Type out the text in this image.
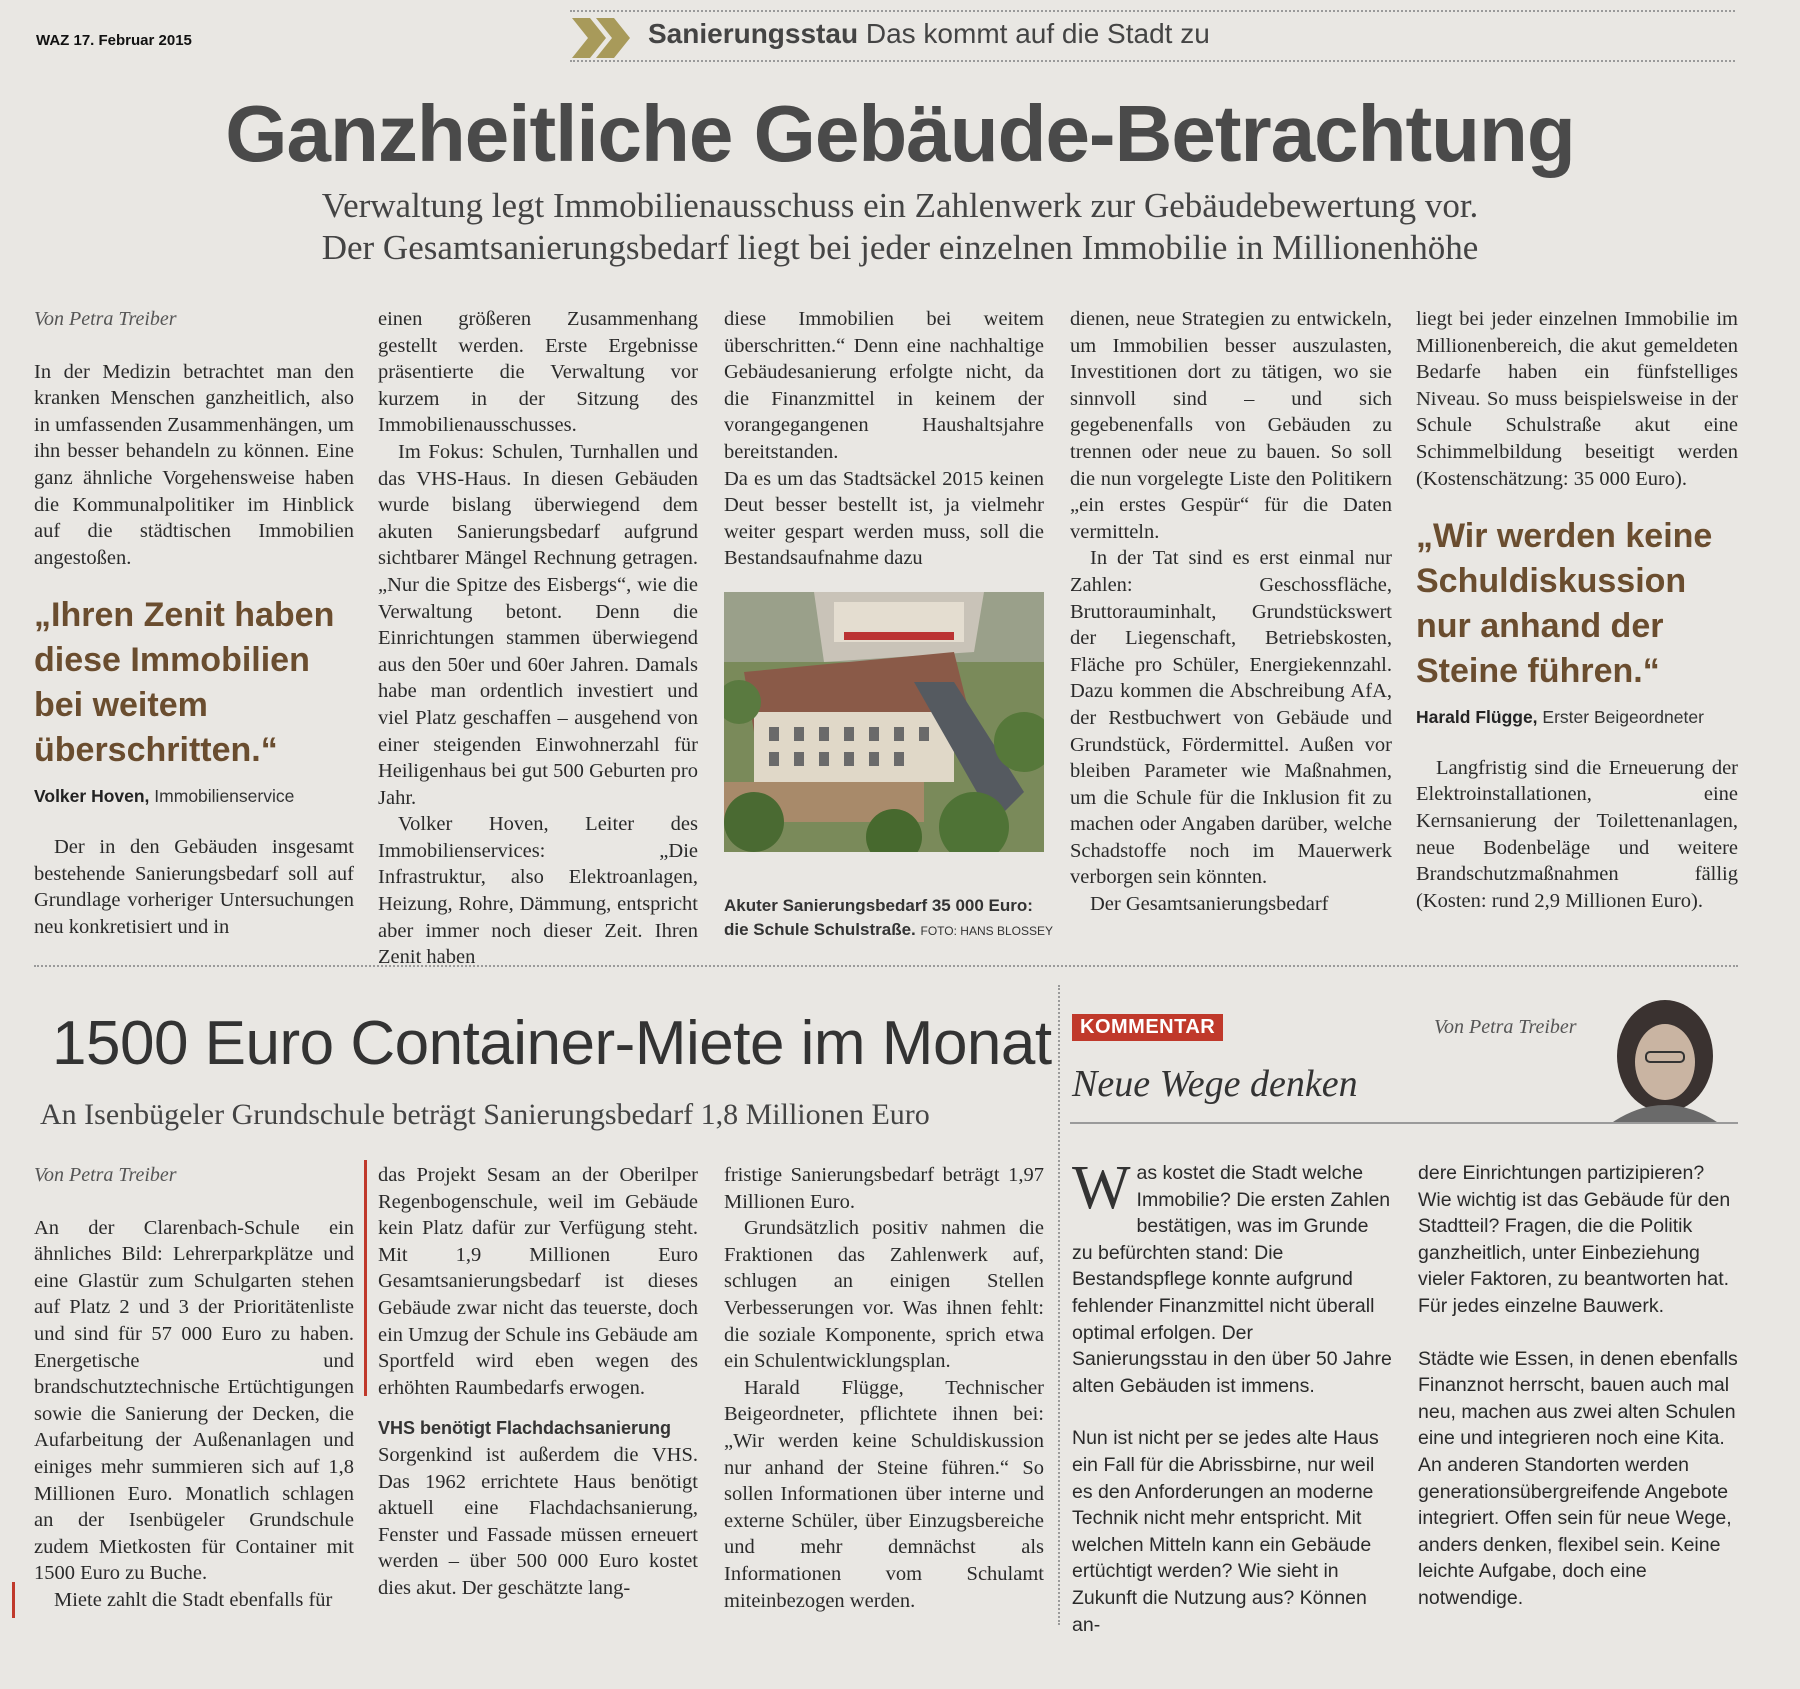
WAZ 17. Februar 2015	Sanierungsstau Das kommt auf die Stadt zu
Ganzheitliche Gebäude-Betrachtung
Verwaltung legt Immobilienausschuss ein Zahlenwerk zur Gebäudebewertung vor.
Der Gesamtsanierungsbedarf liegt bei jeder einzelnen Immobilie in Millionenhöhe

Von Petra Treiber

In der Medizin betrachtet man den kranken Menschen ganzheitlich, also in umfassenden Zusammenhängen, um ihn besser behandeln zu können. Eine ganz ähnliche Vorgehensweise haben die Kommunalpolitiker im Hinblick auf die städtischen Immobilien angestoßen.

„Ihren Zenit haben diese Immobilien bei weitem überschritten.“

Volker Hoven, Immobilienservice

Der in den Gebäuden insgesamt bestehende Sanierungsbedarf soll auf Grundlage vorheriger Untersuchungen neu konkretisiert und in

einen größeren Zusammenhang gestellt werden. Erste Ergebnisse präsentierte die Verwaltung vor kurzem in der Sitzung des Immobilienausschusses.

Im Fokus: Schulen, Turnhallen und das VHS-Haus. In diesen Gebäuden wurde bislang überwiegend dem akuten Sanierungsbedarf aufgrund sichtbarer Mängel Rechnung getragen. „Nur die Spitze des Eisbergs“, wie die Verwaltung betont. Denn die Einrichtungen stammen überwiegend aus den 50er und 60er Jahren. Damals habe man ordentlich investiert und viel Platz geschaffen – ausgehend von einer steigenden Einwohnerzahl für Heiligenhaus bei gut 500 Geburten pro Jahr.

Volker Hoven, Leiter des Immobilienservices: „Die Infrastruktur, also Elektroanlagen, Heizung, Rohre, Dämmung, entspricht aber immer noch dieser Zeit. Ihren Zenit haben

diese Immobilien bei weitem überschritten.“ Denn eine nachhaltige Gebäudesanierung erfolgte nicht, da die Finanzmittel in keinem der vorangegangenen Haushaltsjahre bereitstanden.

Da es um das Stadtsäckel 2015 keinen Deut besser bestellt ist, ja vielmehr weiter gespart werden muss, soll die Bestandsaufnahme dazu

Akuter Sanierungsbedarf 35 000 Euro: die Schule Schulstraße. FOTO: HANS BLOSSEY

dienen, neue Strategien zu entwickeln, um Immobilien besser auszulasten, Investitionen dort zu tätigen, wo sie sinnvoll sind – und sich gegebenenfalls von Gebäuden zu trennen oder neue zu bauen. So soll die nun vorgelegte Liste den Politikern „ein erstes Gespür“ für die Daten vermitteln.

In der Tat sind es erst einmal nur Zahlen: Geschossfläche, Bruttorauminhalt, Grundstückswert der Liegenschaft, Betriebskosten, Fläche pro Schüler, Energiekennzahl. Dazu kommen die Abschreibung AfA, der Restbuchwert von Gebäude und Grundstück, Fördermittel. Außen vor bleiben Parameter wie Maßnahmen, um die Schule für die Inklusion fit zu machen oder Angaben darüber, welche Schadstoffe noch im Mauerwerk verborgen sein könnten.

Der Gesamtsanierungsbedarf

liegt bei jeder einzelnen Immobilie im Millionenbereich, die akut gemeldeten Bedarfe haben ein fünfstelliges Niveau. So muss beispielsweise in der Schule Schulstraße akut eine Schimmelbildung beseitigt werden (Kostenschätzung: 35 000 Euro).

„Wir werden keine Schuldiskussion nur anhand der Steine führen.“

Harald Flügge, Erster Beigeordneter

Langfristig sind die Erneuerung der Elektroinstallationen, eine Kernsanierung der Toilettenanlagen, neue Bodenbeläge und weitere Brandschutzmaßnahmen fällig (Kosten: rund 2,9 Millionen Euro).

1500 Euro Container-Miete im Monat
An Isenbügeler Grundschule beträgt Sanierungsbedarf 1,8 Millionen Euro

Von Petra Treiber

An der Clarenbach-Schule ein ähnliches Bild: Lehrerparkplätze und eine Glastür zum Schulgarten stehen auf Platz 2 und 3 der Prioritätenliste und sind für 57 000 Euro zu haben. Energetische und brandschutztechnische Ertüchtigungen sowie die Sanierung der Decken, die Aufarbeitung der Außenanlagen und einiges mehr summieren sich auf 1,8 Millionen Euro. Monatlich schlagen an der Isenbügeler Grundschule zudem Mietkosten für Container mit 1500 Euro zu Buche.

Miete zahlt die Stadt ebenfalls für

das Projekt Sesam an der Oberilper Regenbogenschule, weil im Gebäude kein Platz dafür zur Verfügung steht. Mit 1,9 Millionen Euro Gesamtsanierungsbedarf ist dieses Gebäude zwar nicht das teuerste, doch ein Umzug der Schule ins Gebäude am Sportfeld wird eben wegen des erhöhten Raumbedarfs erwogen.

VHS benötigt Flachdachsanierung

Sorgenkind ist außerdem die VHS. Das 1962 errichtete Haus benötigt aktuell eine Flachdachsanierung, Fenster und Fassade müssen erneuert werden – über 500 000 Euro kostet dies akut. Der geschätzte lang-

fristige Sanierungsbedarf beträgt 1,97 Millionen Euro.

Grundsätzlich positiv nahmen die Fraktionen das Zahlenwerk auf, schlugen an einigen Stellen Verbesserungen vor. Was ihnen fehlt: die soziale Komponente, sprich etwa ein Schulentwicklungsplan.

Harald Flügge, Technischer Beigeordneter, pflichtete ihnen bei: „Wir werden keine Schuldiskussion nur anhand der Steine führen.“ So sollen Informationen über interne und externe Schüler, über Einzugsbereiche und mehr demnächst als Informationen vom Schulamt miteinbezogen werden.

KOMMENTAR	Von Petra Treiber
Neue Wege denken

W as kostet die Stadt welche Immobilie? Die ersten Zahlen bestätigen, was im Grunde zu befürchten stand: Die Bestandspflege konnte aufgrund fehlender Finanzmittel nicht überall optimal erfolgen. Der Sanierungsstau in den über 50 Jahre alten Gebäuden ist immens.

Nun ist nicht per se jedes alte Haus ein Fall für die Abrissbirne, nur weil es den Anforderungen an moderne Technik nicht mehr entspricht. Mit welchen Mitteln kann ein Gebäude ertüchtigt werden? Wie sieht in Zukunft die Nutzung aus? Können an-

dere Einrichtungen partizipieren? Wie wichtig ist das Gebäude für den Stadtteil? Fragen, die die Politik ganzheitlich, unter Einbeziehung vieler Faktoren, zu beantworten hat. Für jedes einzelne Bauwerk.

Städte wie Essen, in denen ebenfalls Finanznot herrscht, bauen auch mal neu, machen aus zwei alten Schulen eine und integrieren noch eine Kita. An anderen Standorten werden generationsübergreifende Angebote integriert. Offen sein für neue Wege, anders denken, flexibel sein. Keine leichte Aufgabe, doch eine notwendige.
